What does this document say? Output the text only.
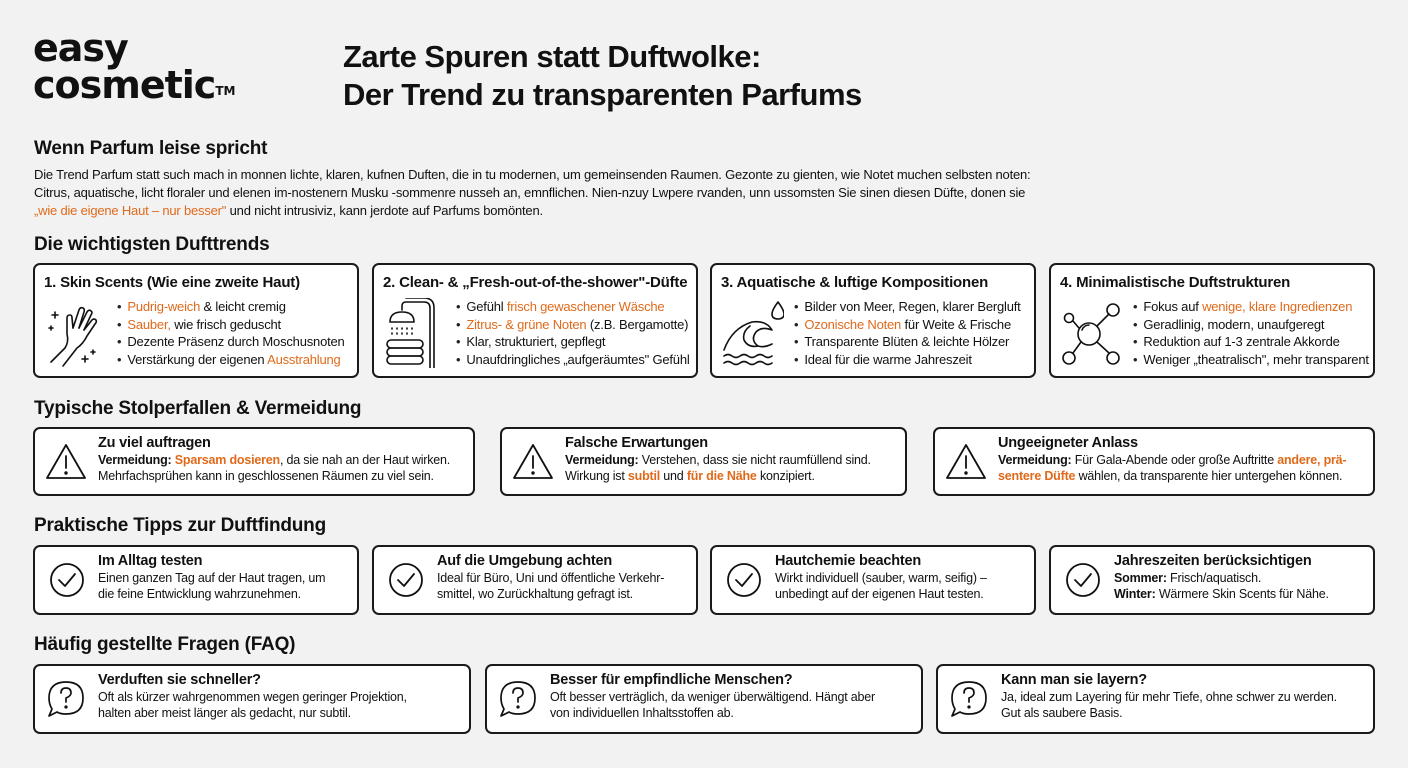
easy
cosmetic™
Zarte Spuren statt Duftwolke:
Der Trend zu transparenten Parfums
Wenn Parfum leise spricht
Die Trend Parfum statt such mach in monnen lichte, klaren, kufnen Duften, die in tu modernen, um gemeinsenden Raumen. Gezonte zu gienten, wie Notet muchen selbsten noten:
Citrus, aquatische, licht floraler und elenen im-nostenern Musku -sommenre nusseh an, emnflichen. Nien-nzuy Lwpere rvanden, unn ussomsten Sie sinen diesen Düfte, donen sie
„wie die eigene Haut – nur besser" und nicht intrusiviz, kann jerdote auf Parfums bomönten.
Die wichtigsten Dufttrends
1. Skin Scents (Wie eine zweite Haut)
• Pudrig-weich & leicht cremig
• Sauber, wie frisch geduscht
• Dezente Präsenz durch Moschusnoten
• Verstärkung der eigenen Ausstrahlung
2. Clean- & „Fresh-out-of-the-shower"-Düfte
• Gefühl frisch gewaschener Wäsche
• Zitrus- & grüne Noten (z.B. Bergamotte)
• Klar, strukturiert, gepflegt
• Unaufdringliches „aufgeräumtes" Gefühl
3. Aquatische & luftige Kompositionen
• Bilder von Meer, Regen, klarer Bergluft
• Ozonische Noten für Weite & Frische
• Transparente Blüten & leichte Hölzer
• Ideal für die warme Jahreszeit
4. Minimalistische Duftstrukturen
• Fokus auf wenige, klare Ingredienzen
• Geradlinig, modern, unaufgeregt
• Reduktion auf 1-3 zentrale Akkorde
• Weniger „theatralisch", mehr transparent
Typische Stolperfallen & Vermeidung
Zu viel auftragen
Vermeidung: Sparsam dosieren, da sie nah an der Haut wirken.
Mehrfachsprühen kann in geschlossenen Räumen zu viel sein.
Falsche Erwartungen
Vermeidung: Verstehen, dass sie nicht raumfüllend sind.
Wirkung ist subtil und für die Nähe konzipiert.
Ungeeigneter Anlass
Vermeidung: Für Gala-Abende oder große Auftritte andere, prä-
sentere Düfte wählen, da transparente hier untergehen können.
Praktische Tipps zur Duftfindung
Im Alltag testen
Einen ganzen Tag auf der Haut tragen, um
die feine Entwicklung wahrzunehmen.
Auf die Umgebung achten
Ideal für Büro, Uni und öffentliche Verkehr-
smittel, wo Zurückhaltung gefragt ist.
Hautchemie beachten
Wirkt individuell (sauber, warm, seifig) –
unbedingt auf der eigenen Haut testen.
Jahreszeiten berücksichtigen
Sommer: Frisch/aquatisch.
Winter: Wärmere Skin Scents für Nähe.
Häufig gestellte Fragen (FAQ)
Verduften sie schneller?
Oft als kürzer wahrgenommen wegen geringer Projektion,
halten aber meist länger als gedacht, nur subtil.
Besser für empfindliche Menschen?
Oft besser verträglich, da weniger überwältigend. Hängt aber
von individuellen Inhaltsstoffen ab.
Kann man sie layern?
Ja, ideal zum Layering für mehr Tiefe, ohne schwer zu werden.
Gut als saubere Basis.
